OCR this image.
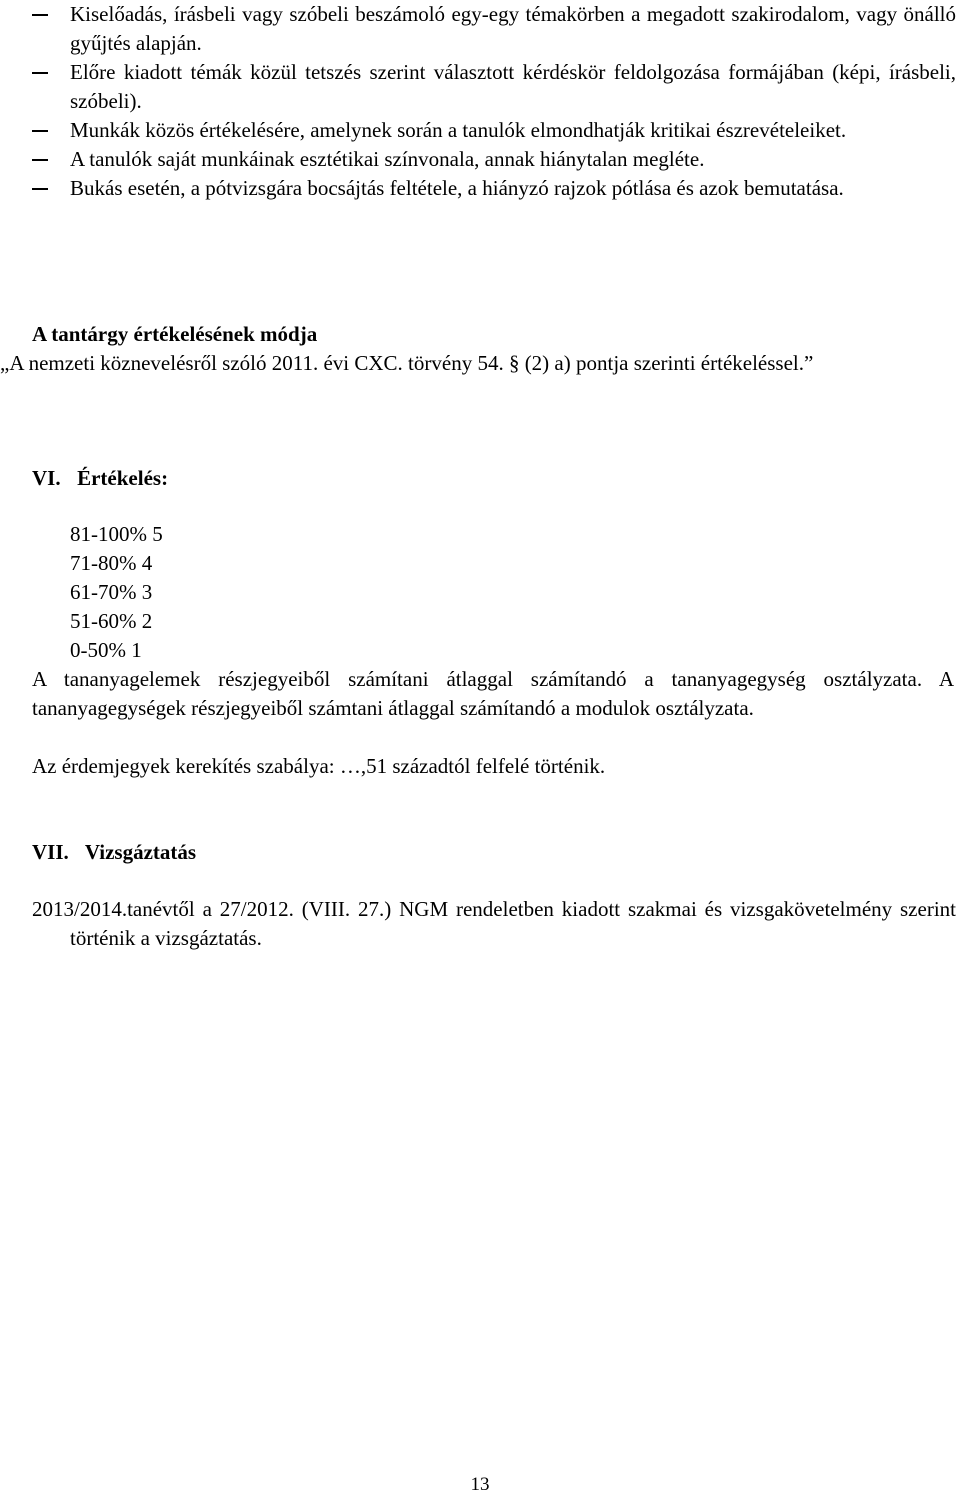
Kiselőadás, írásbeli vagy szóbeli beszámoló egy-egy témakörben a megadott szakirodalom, vagy önálló gyűjtés alapján.
Előre kiadott témák közül tetszés szerint választott kérdéskör feldolgozása formájában (képi, írásbeli, szóbeli).
Munkák közös értékelésére, amelynek során a tanulók elmondhatják kritikai észrevételeiket.
A tanulók saját munkáinak esztétikai színvonala, annak hiánytalan megléte.
Bukás esetén, a pótvizsgára bocsájtás feltétele, a hiányzó rajzok pótlása és azok bemutatása.
A tantárgy értékelésének módja
„A nemzeti köznevelésről szóló 2011. évi CXC. törvény 54. § (2) a) pontja szerinti értékeléssel.”
VI. Értékelés:
81-100% 5
71-80% 4
61-70% 3
51-60% 2
0-50% 1
A tananyagelemek részjegyeiből számítani átlaggal számítandó a tananyagegység osztályzata. A tananyagegységek részjegyeiből számtani átlaggal számítandó a modulok osztályzata.
Az érdemjegyek kerekítés szabálya: …,51 századtól felfelé történik.
VII. Vizsgáztatás
2013/2014.tanévtől a 27/2012. (VIII. 27.) NGM rendeletben kiadott szakmai és vizsgakövetelmény szerint történik a vizsgáztatás.
13
